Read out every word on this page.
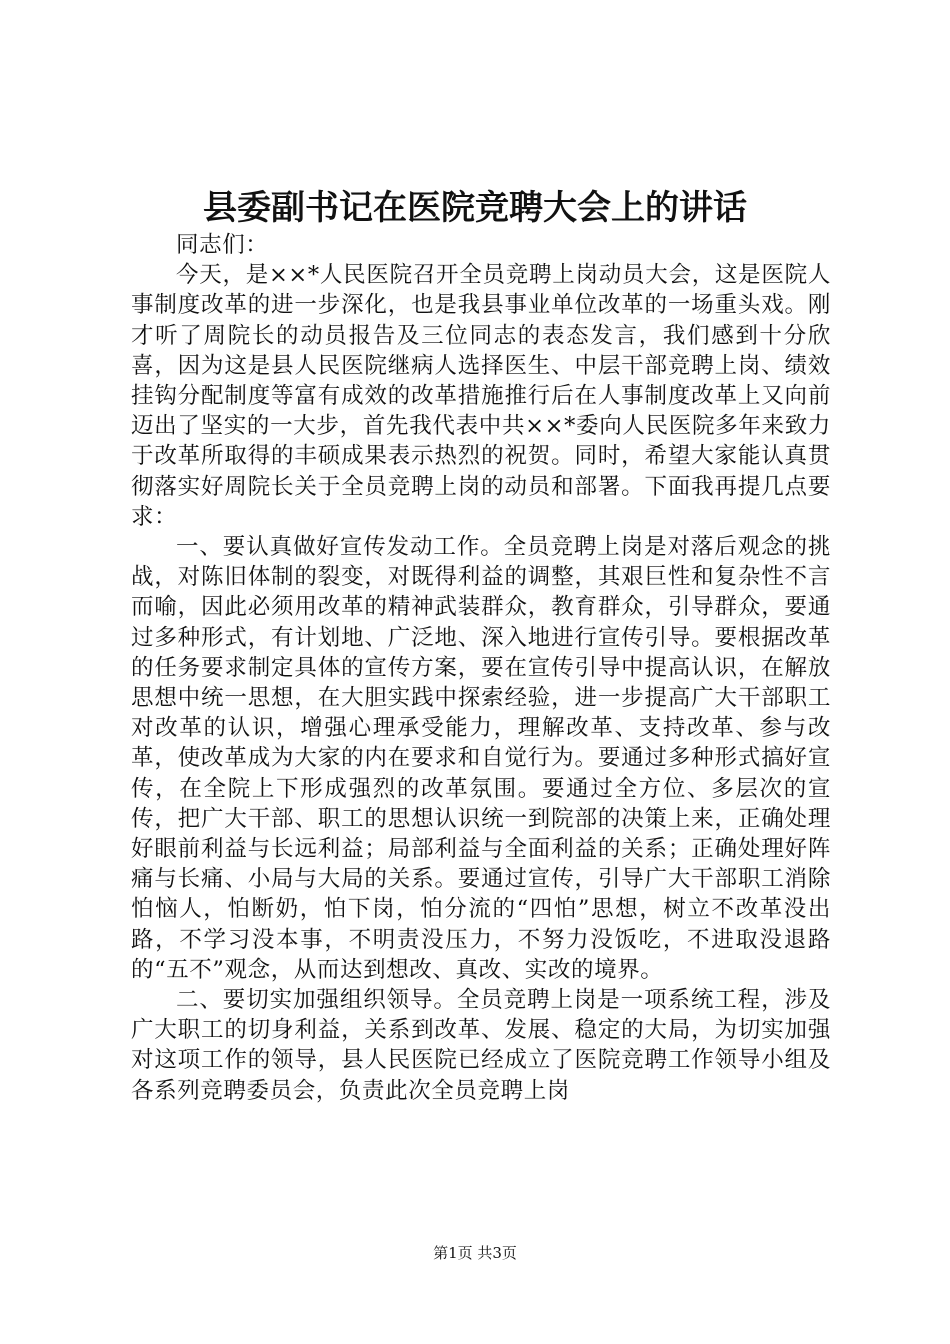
县委副书记在医院竞聘大会上的讲话

同志们：

今天，是××*人民医院召开全员竞聘上岗动员大会，这是医院人事制度改革的进一步深化，也是我县事业单位改革的一场重头戏。刚才听了周院长的动员报告及三位同志的表态发言，我们感到十分欣喜，因为这是县人民医院继病人选择医生、中层干部竞聘上岗、绩效挂钩分配制度等富有成效的改革措施推行后在人事制度改革上又向前迈出了坚实的一大步，首先我代表中共××*委向人民医院多年来致力于改革所取得的丰硕成果表示热烈的祝贺。同时，希望大家能认真贯彻落实好周院长关于全员竞聘上岗的动员和部署。下面我再提几点要求：

一、要认真做好宣传发动工作。全员竞聘上岗是对落后观念的挑战，对陈旧体制的裂变，对既得利益的调整，其艰巨性和复杂性不言而喻，因此必须用改革的精神武装群众，教育群众，引导群众，要通过多种形式，有计划地、广泛地、深入地进行宣传引导。要根据改革的任务要求制定具体的宣传方案，要在宣传引导中提高认识，在解放思想中统一思想，在大胆实践中探索经验，进一步提高广大干部职工对改革的认识，增强心理承受能力，理解改革、支持改革、参与改革，使改革成为大家的内在要求和自觉行为。要通过多种形式搞好宣传，在全院上下形成强烈的改革氛围。要通过全方位、多层次的宣传，把广大干部、职工的思想认识统一到院部的决策上来，正确处理好眼前利益与长远利益；局部利益与全面利益的关系；正确处理好阵痛与长痛、小局与大局的关系。要通过宣传，引导广大干部职工消除怕恼人，怕断奶，怕下岗，怕分流的“四怕”思想，树立不改革没出路，不学习没本事，不明责没压力，不努力没饭吃，不进取没退路的“五不”观念，从而达到想改、真改、实改的境界。

二、要切实加强组织领导。全员竞聘上岗是一项系统工程，涉及广大职工的切身利益，关系到改革、发展、稳定的大局，为切实加强对这项工作的领导，县人民医院已经成立了医院竞聘工作领导小组及各系列竞聘委员会，负责此次全员竞聘上岗

第1页 共3页
